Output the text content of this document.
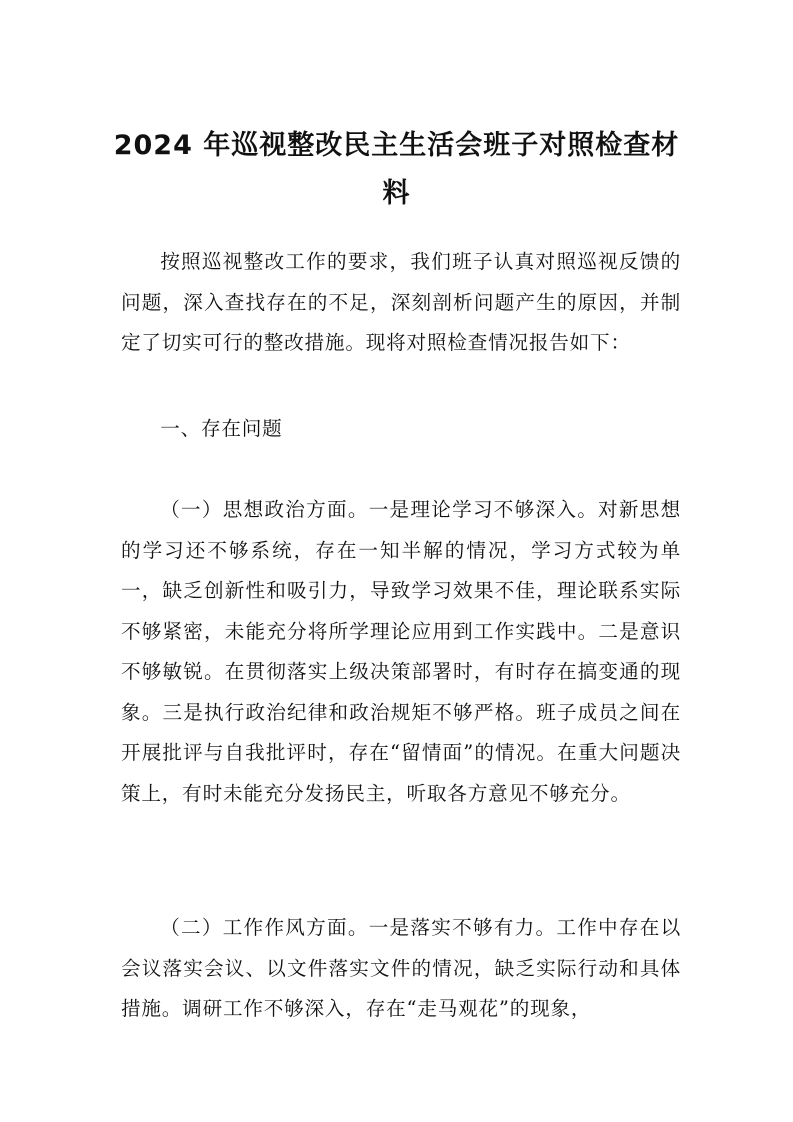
2024 年巡视整改民主生活会班子对照检查材料

按照巡视整改工作的要求，我们班子认真对照巡视反馈的问题，深入查找存在的不足，深刻剖析问题产生的原因，并制定了切实可行的整改措施。现将对照检查情况报告如下：

一、存在问题

（一）思想政治方面。一是理论学习不够深入。对新思想的学习还不够系统，存在一知半解的情况，学习方式较为单一，缺乏创新性和吸引力，导致学习效果不佳，理论联系实际不够紧密，未能充分将所学理论应用到工作实践中。二是意识不够敏锐。在贯彻落实上级决策部署时，有时存在搞变通的现象。三是执行政治纪律和政治规矩不够严格。班子成员之间在开展批评与自我批评时，存在“留情面”的情况。在重大问题决策上，有时未能充分发扬民主，听取各方意见不够充分。

（二）工作作风方面。一是落实不够有力。工作中存在以会议落实会议、以文件落实文件的情况，缺乏实际行动和具体措施。调研工作不够深入，存在“走马观花”的现象，
